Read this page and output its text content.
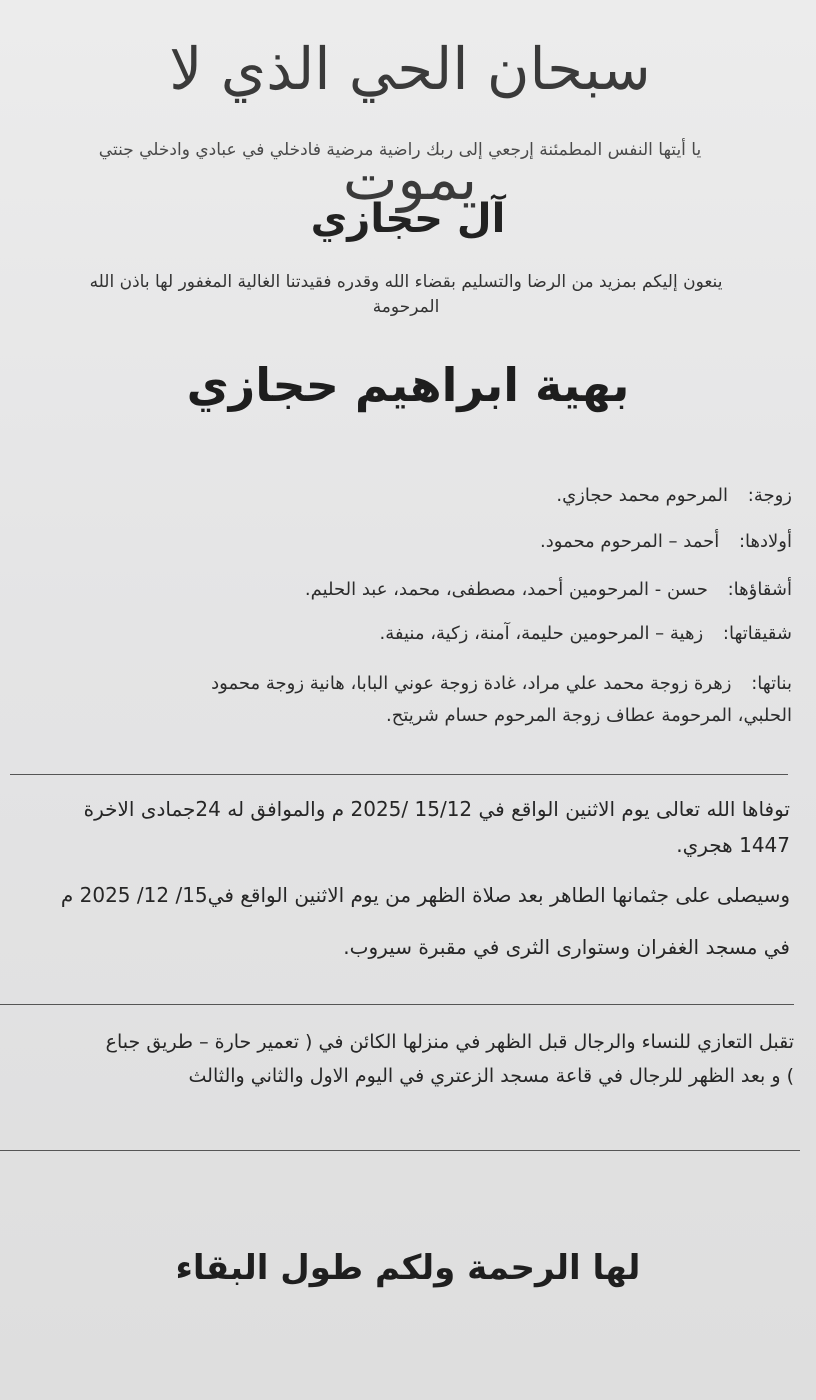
سبحان الحي الذي لا يموت
يا أيتها النفس المطمئنة إرجعي إلى ربك راضية مرضية فادخلي في عبادي وادخلي جنتي
آل حجازي
ينعون إليكم بمزيد من الرضا والتسليم بقضاء الله وقدره فقيدتنا الغالية المغفور لها باذن الله
المرحومة
بهية ابراهيم حجازي
زوجة: المرحوم محمد حجازي.
أولادها: أحمد – المرحوم محمود.
أشقاؤها: حسن - المرحومين أحمد، مصطفى، محمد، عبد الحليم.
شقيقاتها: زهية – المرحومين حليمة، آمنة، زكية، منيفة.
بناتها: زهرة زوجة محمد علي مراد، غادة زوجة عوني البابا، هانية زوجة محمود
الحلبي، المرحومة عطاف زوجة المرحوم حسام شريتح.
توفاها الله تعالى يوم الاثنين الواقع في 15/12 /2025 م والموافق له 24جمادى الاخرة
1447 هجري.
وسيصلى على جثمانها الطاهر بعد صلاة الظهر من يوم الاثنين الواقع في15/ 12/ 2025 م
في مسجد الغفران وستوارى الثرى في مقبرة سيروب.
تقبل التعازي للنساء والرجال قبل الظهر في منزلها الكائن في ( تعمير حارة – طريق جباع
) و بعد الظهر للرجال في قاعة مسجد الزعتري في اليوم الاول والثاني والثالث
لها الرحمة ولكم طول البقاء
